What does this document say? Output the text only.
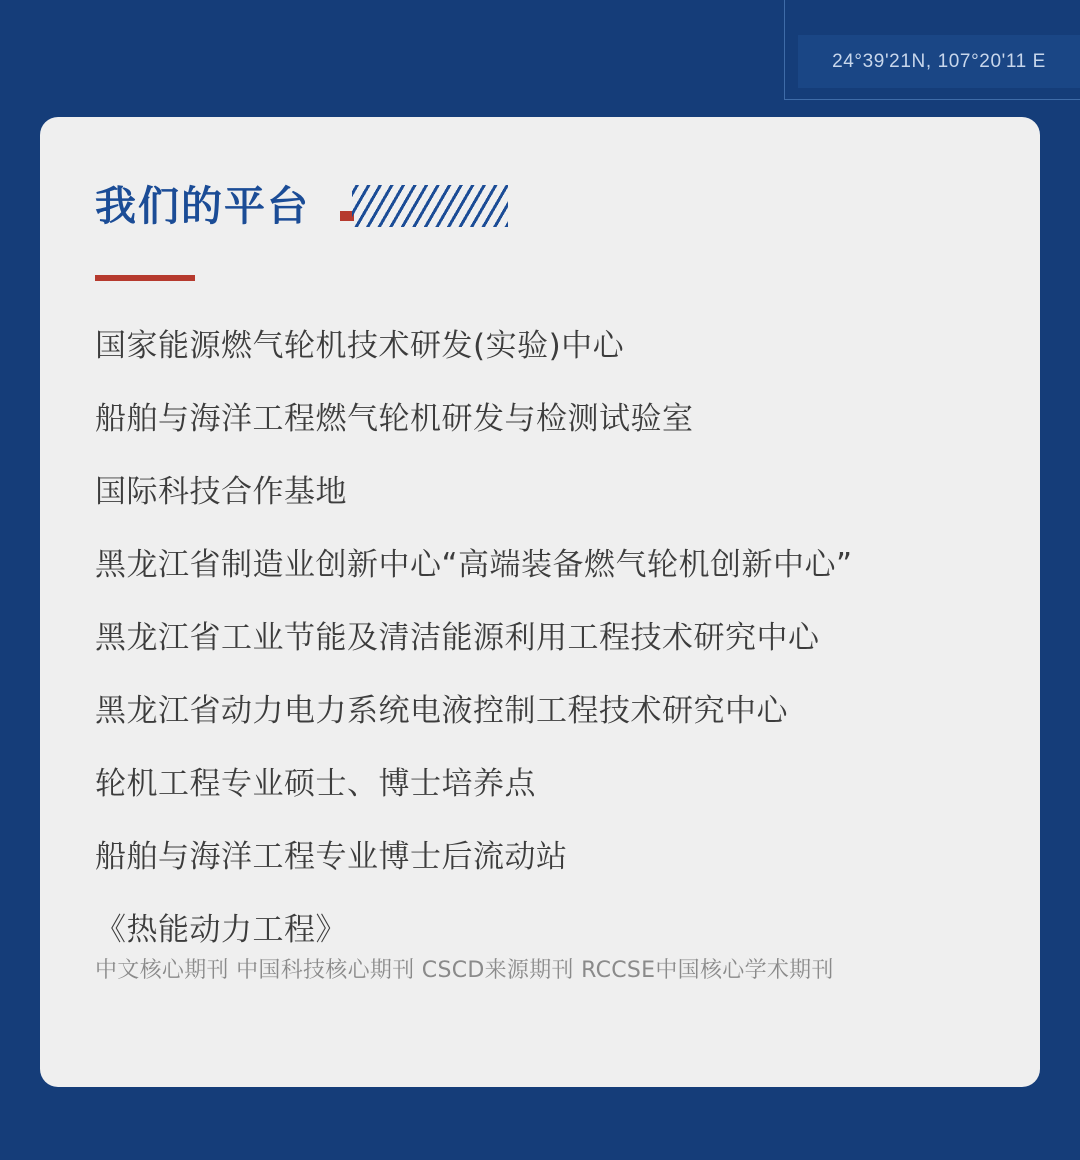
24°39'21N, 107°20'11 E
我们的平台
国家能源燃气轮机技术研发(实验)中心
船舶与海洋工程燃气轮机研发与检测试验室
国际科技合作基地
黑龙江省制造业创新中心“高端装备燃气轮机创新中心”
黑龙江省工业节能及清洁能源利用工程技术研究中心
黑龙江省动力电力系统电液控制工程技术研究中心
轮机工程专业硕士、博士培养点
船舶与海洋工程专业博士后流动站
《热能动力工程》
中文核心期刊 中国科技核心期刊 CSCD来源期刊 RCCSE中国核心学术期刊
